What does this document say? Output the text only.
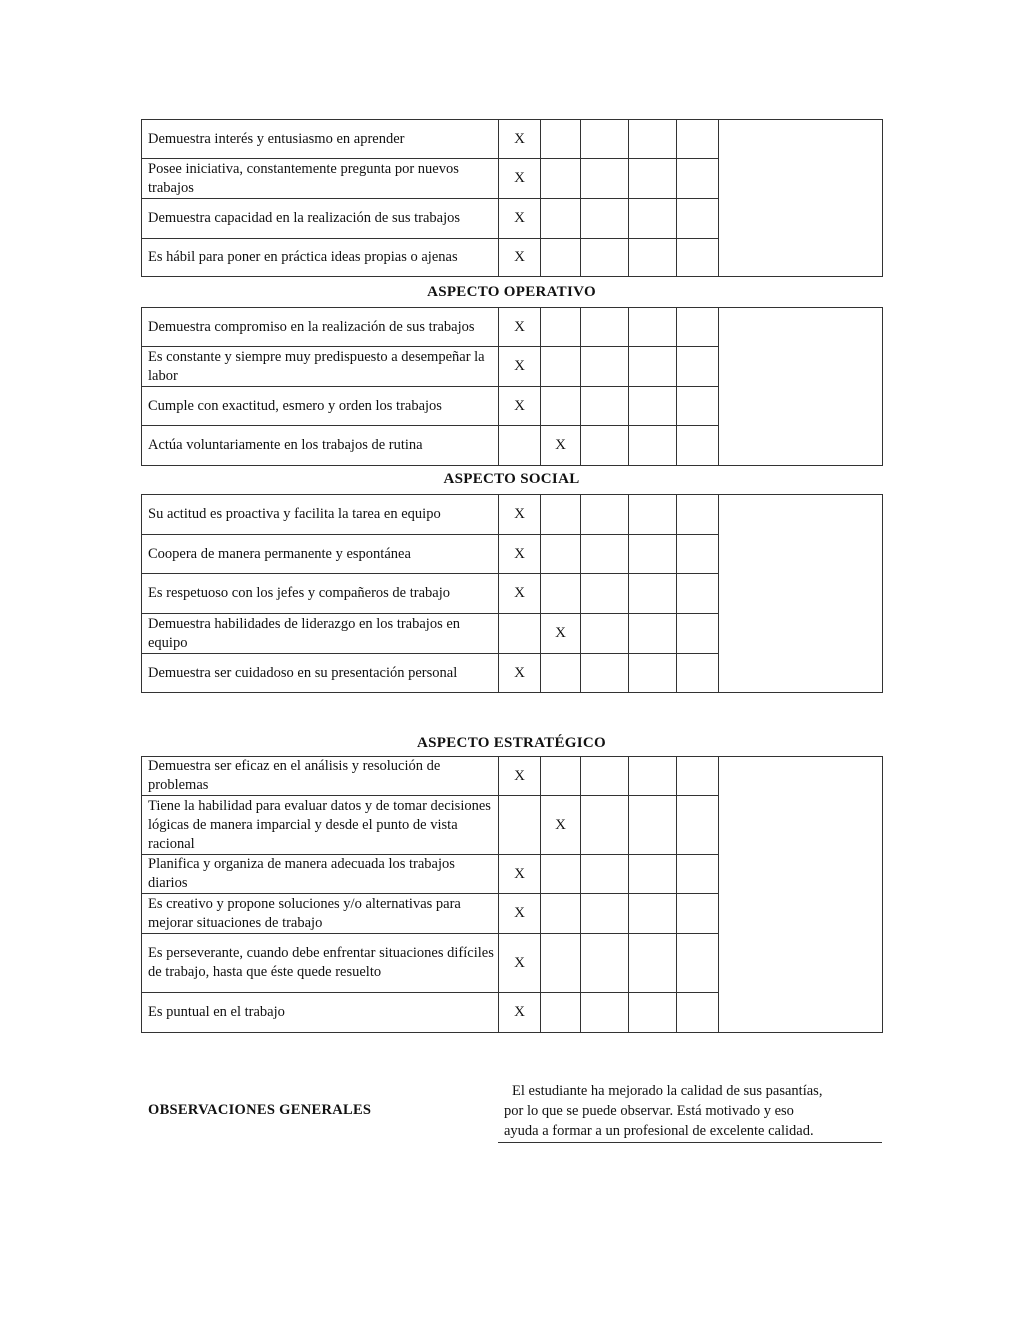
Demuestra interés y entusiasmo en aprender	X					
Posee iniciativa, constantemente pregunta por nuevos trabajos	X					
Demuestra capacidad en la realización de sus trabajos	X					
Es hábil para poner en práctica ideas propias o ajenas	X					
ASPECTO OPERATIVO
Demuestra compromiso en la realización de sus trabajos	X					
Es constante y siempre muy predispuesto a desempeñar la labor	X					
Cumple con exactitud, esmero y orden los trabajos	X					
Actúa voluntariamente en los trabajos de rutina		X				
ASPECTO SOCIAL
Su actitud es proactiva y facilita la tarea en equipo	X					
Coopera de manera permanente y espontánea	X					
Es respetuoso con los jefes y compañeros de trabajo	X					
Demuestra habilidades de liderazgo en los trabajos en equipo		X				
Demuestra ser cuidadoso en su presentación personal	X					
ASPECTO ESTRATÉGICO
Demuestra ser eficaz en el análisis y resolución de problemas	X					
Tiene la habilidad para evaluar datos y de tomar decisiones lógicas de manera imparcial y desde el punto de vista racional		X				
Planifica y organiza de manera adecuada los trabajos diarios	X					
Es creativo y propone soluciones y/o alternativas para mejorar situaciones de trabajo	X					
Es perseverante, cuando debe enfrentar situaciones difíciles de trabajo, hasta que éste quede resuelto	X					
Es puntual en el trabajo	X					
OBSERVACIONES GENERALES
El estudiante ha mejorado la calidad de sus pasantías,
por lo que se puede observar. Está motivado y eso
ayuda a formar a un profesional de excelente calidad.
